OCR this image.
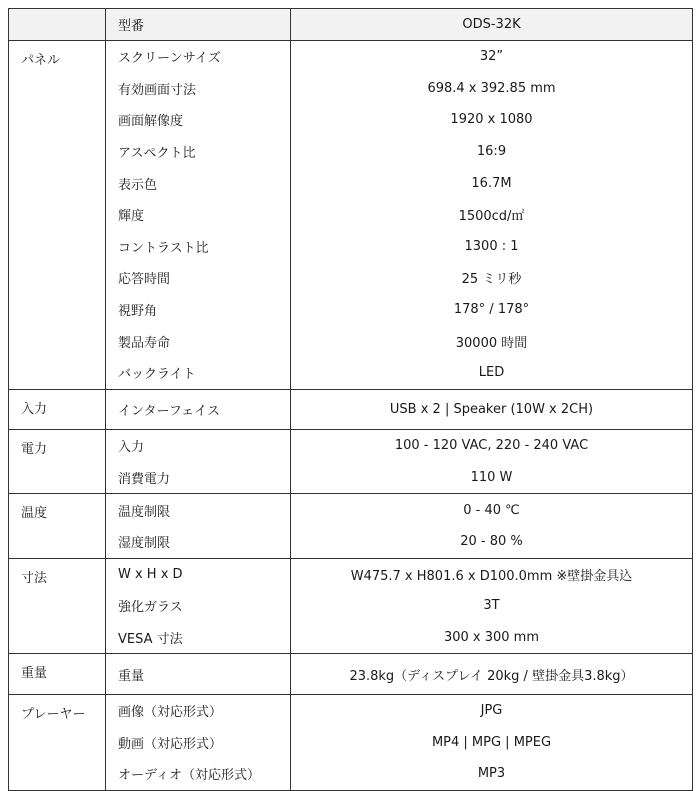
	型番	ODS-32K
パネル	スクリーンサイズ	32”
	有効画面寸法	698.4 x 392.85 mm
	画面解像度	1920 x 1080
	アスペクト比	16:9
	表示色	16.7M
	輝度	1500cd/㎡
	コントラスト比	1300 : 1
	応答時間	25 ミリ秒
	視野角	178° / 178°
	製品寿命	30000 時間
	バックライト	LED
入力	インターフェイス	USB x 2 | Speaker (10W x 2CH)
電力	入力	100 - 120 VAC, 220 - 240 VAC
	消費電力	110 W
温度	温度制限	0 - 40 ℃
	湿度制限	20 - 80 %
寸法	W x H x D	W475.7 x H801.6 x D100.0mm ※壁掛金具込
	強化ガラス	3T
	VESA 寸法	300 x 300 mm
重量	重量	23.8kg（ディスプレイ 20kg / 壁掛金具3.8kg）
プレーヤー	画像（対応形式）	JPG
	動画（対応形式）	MP4 | MPG | MPEG
	オーディオ（対応形式）	MP3
